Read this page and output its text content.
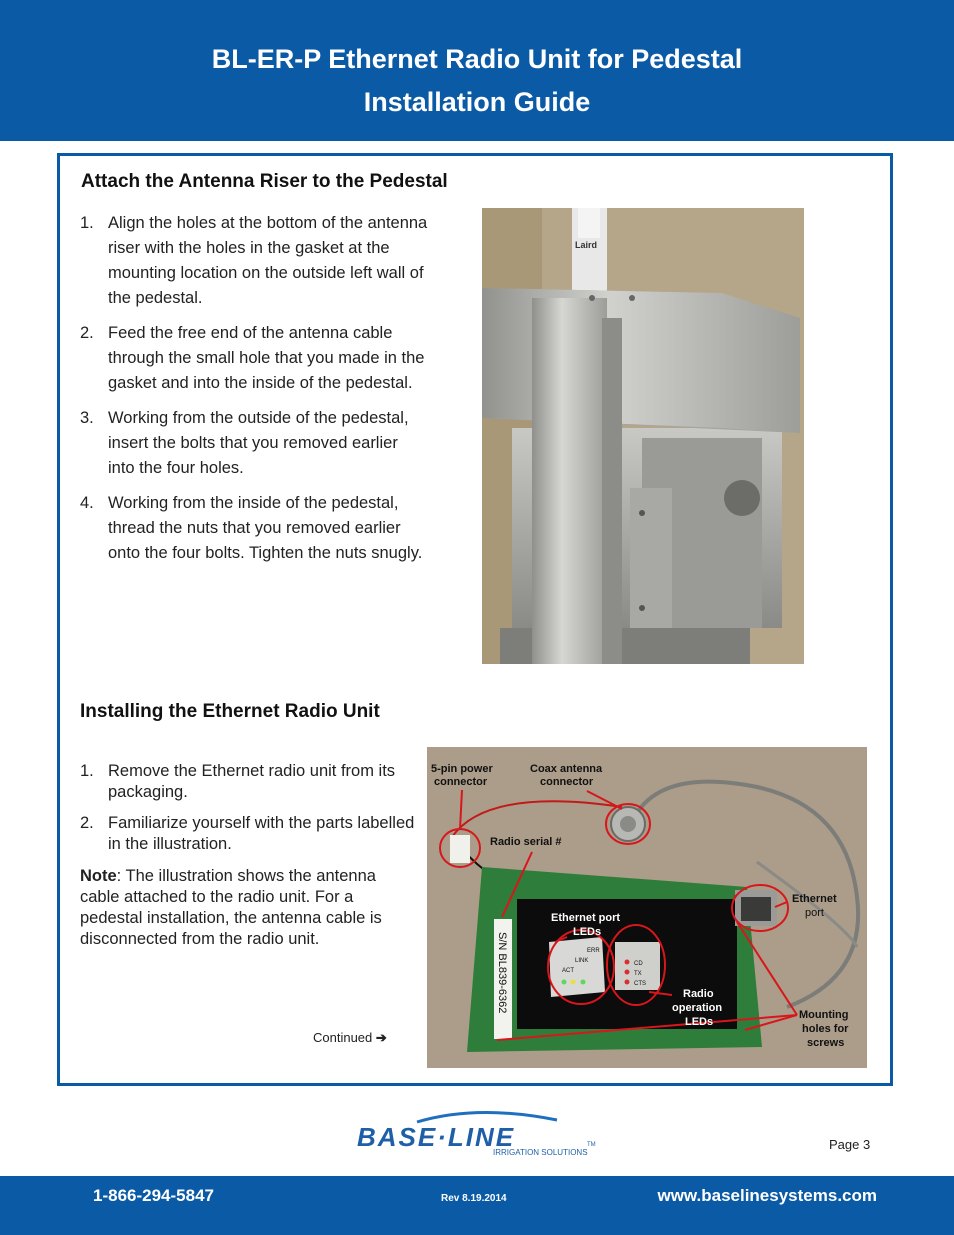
BL-ER-P Ethernet Radio Unit for Pedestal
Installation Guide
Attach the Antenna Riser to the Pedestal
1. Align the holes at the bottom of the antenna riser with the holes in the gasket at the mounting location on the outside left wall of the pedestal.
2. Feed the free end of the antenna cable through the small hole that you made in the gasket and into the inside of the pedestal.
3. Working from the outside of the pedestal, insert the bolts that you removed earlier into the four holes.
4. Working from the inside of the pedestal, thread the nuts that you removed earlier onto the four bolts. Tighten the nuts snugly.
Laird
Installing the Ethernet Radio Unit
1. Remove the Ethernet radio unit from its packaging.
2. Familiarize yourself with the parts labelled in the illustration.
Note: The illustration shows the antenna cable attached to the radio unit. For a pedestal installation, the antenna cable is disconnected from the radio unit.
Continued ➔
ACT
LINK
ERR
CD
TX
CTS
S/N BL839-6362
5-pin power
connector
Coax antenna
connector
Radio serial #
Ethernet
port
Mounting
holes for
screws
Ethernet port
LEDs
Radio
operation
LEDs
BASE·LINE	TM
IRRIGATION SOLUTIONS
Page 3
1-866-294-5847	Rev 8.19.2014	www.baselinesystems.com
